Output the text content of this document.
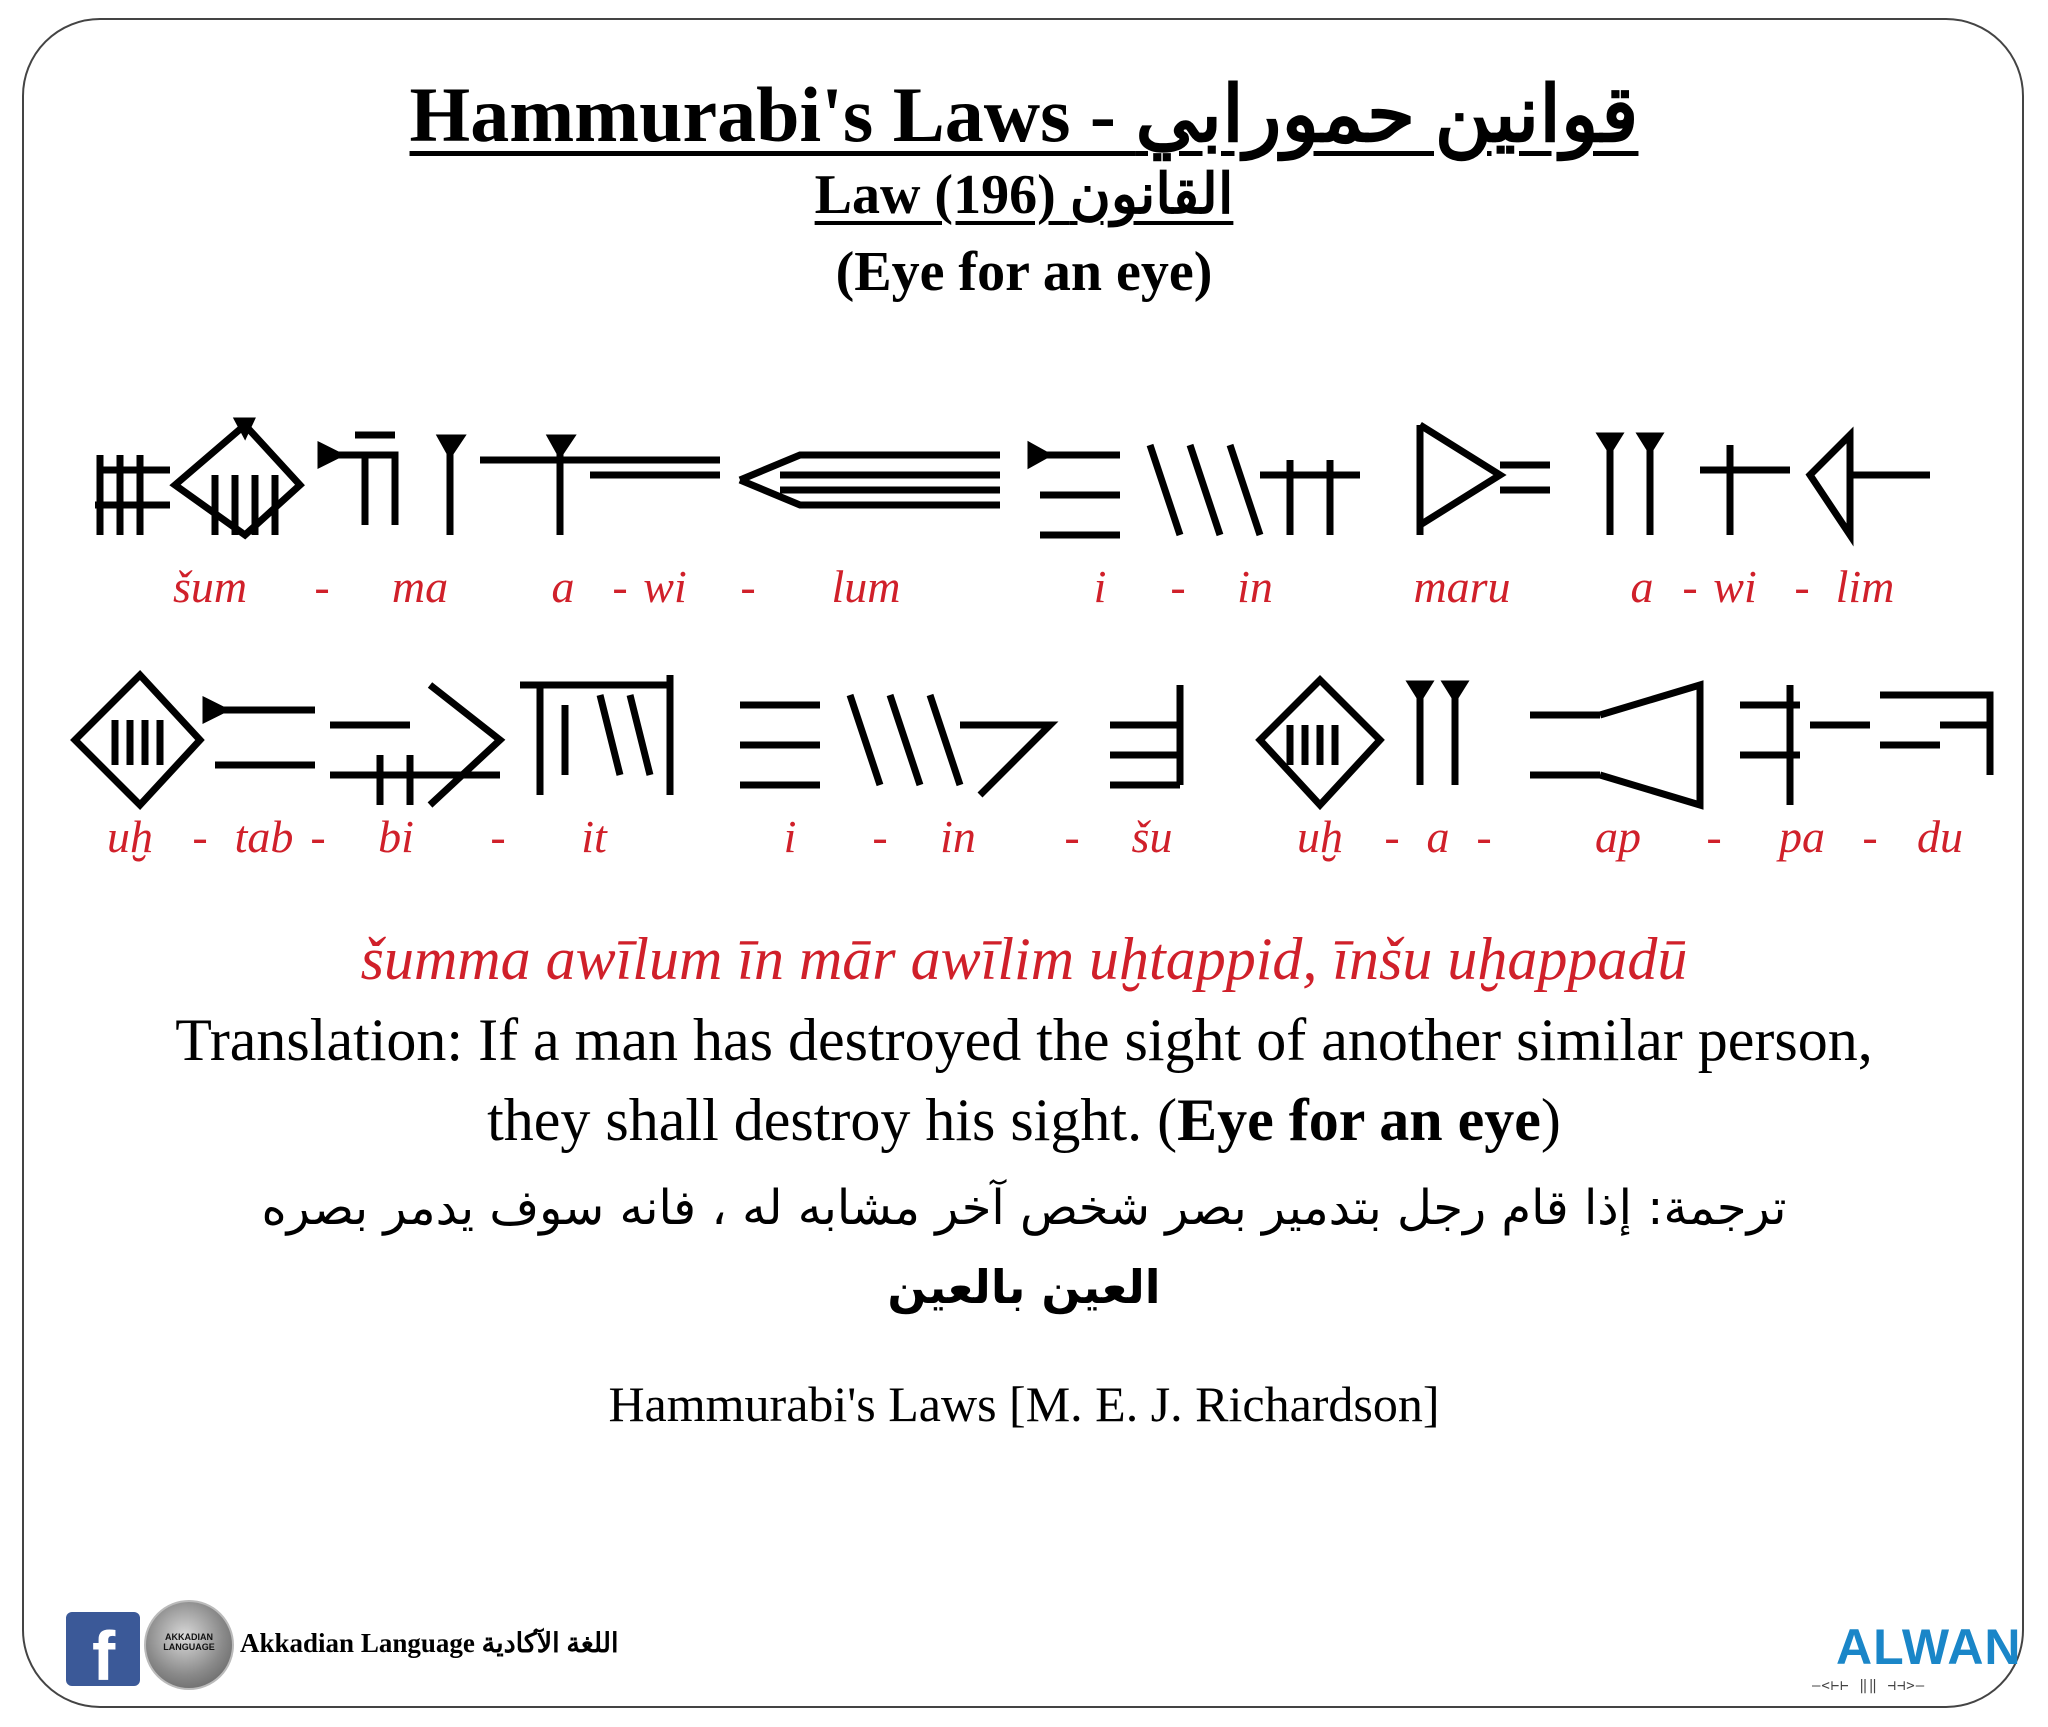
Hammurabi's Laws - قوانين حمورابي
Law (196) القانون
(Eye for an eye)
šum - ma a - wi - lum	i - in	maru	a - wi - lim
uḫ - tab - bi - it	i - in - šu	uḫ - a - ap - pa - du
šumma awīlum īn mār awīlim uḫtappid, īnšu uḫappadū
Translation: If a man has destroyed the sight of another similar person,
they shall destroy his sight. (Eye for an eye)
ترجمة: إذا قام رجل بتدمير بصر شخص آخر مشابه له ، فانه سوف يدمر بصره
العين بالعين
Hammurabi's Laws [M. E. J. Richardson]
f	AKKADIAN LANGUAGE Akkadian Language اللغة الآكادية	ALWAN
—<⊢⊢ ‖‖ ⊣⊣>—
